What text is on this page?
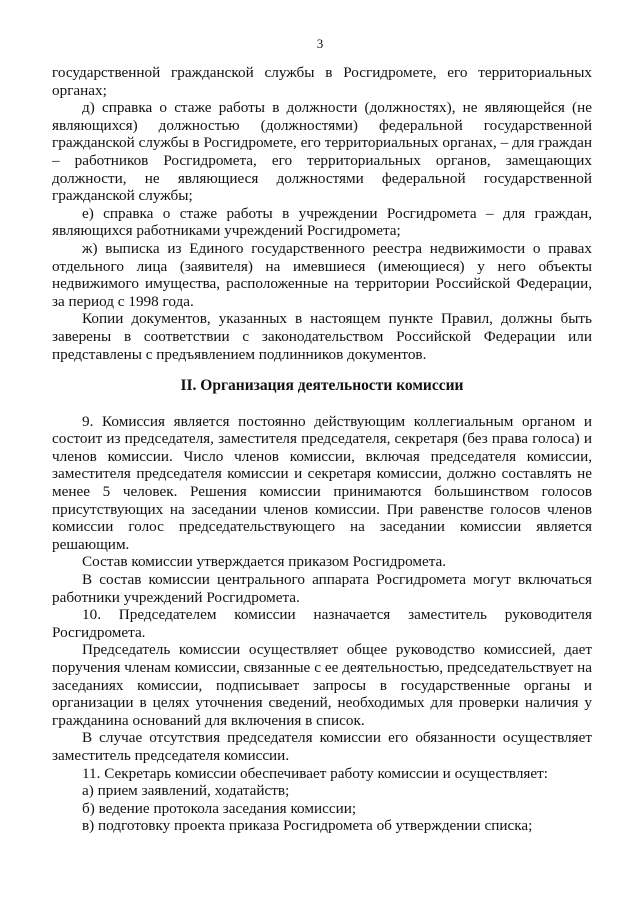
3

государственной гражданской службы в Росгидромете, его территориальных органах;

д) справка о стаже работы в должности (должностях), не являющейся (не являющихся) должностью (должностями) федеральной государственной гражданской службы в Росгидромете, его территориальных органах, – для граждан – работников Росгидромета, его территориальных органов, замещающих должности, не являющиеся должностями федеральной государственной гражданской службы;

е) справка о стаже работы в учреждении Росгидромета – для граждан, являющихся работниками учреждений Росгидромета;

ж) выписка из Единого государственного реестра недвижимости о правах отдельного лица (заявителя) на имевшиеся (имеющиеся) у него объекты недвижимого имущества, расположенные на территории Российской Федерации, за период с 1998 года.

Копии документов, указанных в настоящем пункте Правил, должны быть заверены в соответствии с законодательством Российской Федерации или представлены с предъявлением подлинников документов.

II. Организация деятельности комиссии

9. Комиссия является постоянно действующим коллегиальным органом и состоит из председателя, заместителя председателя, секретаря (без права голоса) и членов комиссии. Число членов комиссии, включая председателя комиссии, заместителя председателя комиссии и секретаря комиссии, должно составлять не менее 5 человек. Решения комиссии принимаются большинством голосов присутствующих на заседании членов комиссии. При равенстве голосов членов комиссии голос председательствующего на заседании комиссии является решающим.

Состав комиссии утверждается приказом Росгидромета.

В состав комиссии центрального аппарата Росгидромета могут включаться работники учреждений Росгидромета.

10. Председателем комиссии назначается заместитель руководителя Росгидромета.

Председатель комиссии осуществляет общее руководство комиссией, дает поручения членам комиссии, связанные с ее деятельностью, председательствует на заседаниях комиссии, подписывает запросы в государственные органы и организации в целях уточнения сведений, необходимых для проверки наличия у гражданина оснований для включения в список.

В случае отсутствия председателя комиссии его обязанности осуществляет заместитель председателя комиссии.

11. Секретарь комиссии обеспечивает работу комиссии и осуществляет:

а) прием заявлений, ходатайств;

б) ведение протокола заседания комиссии;

в) подготовку проекта приказа Росгидромета об утверждении списка;
